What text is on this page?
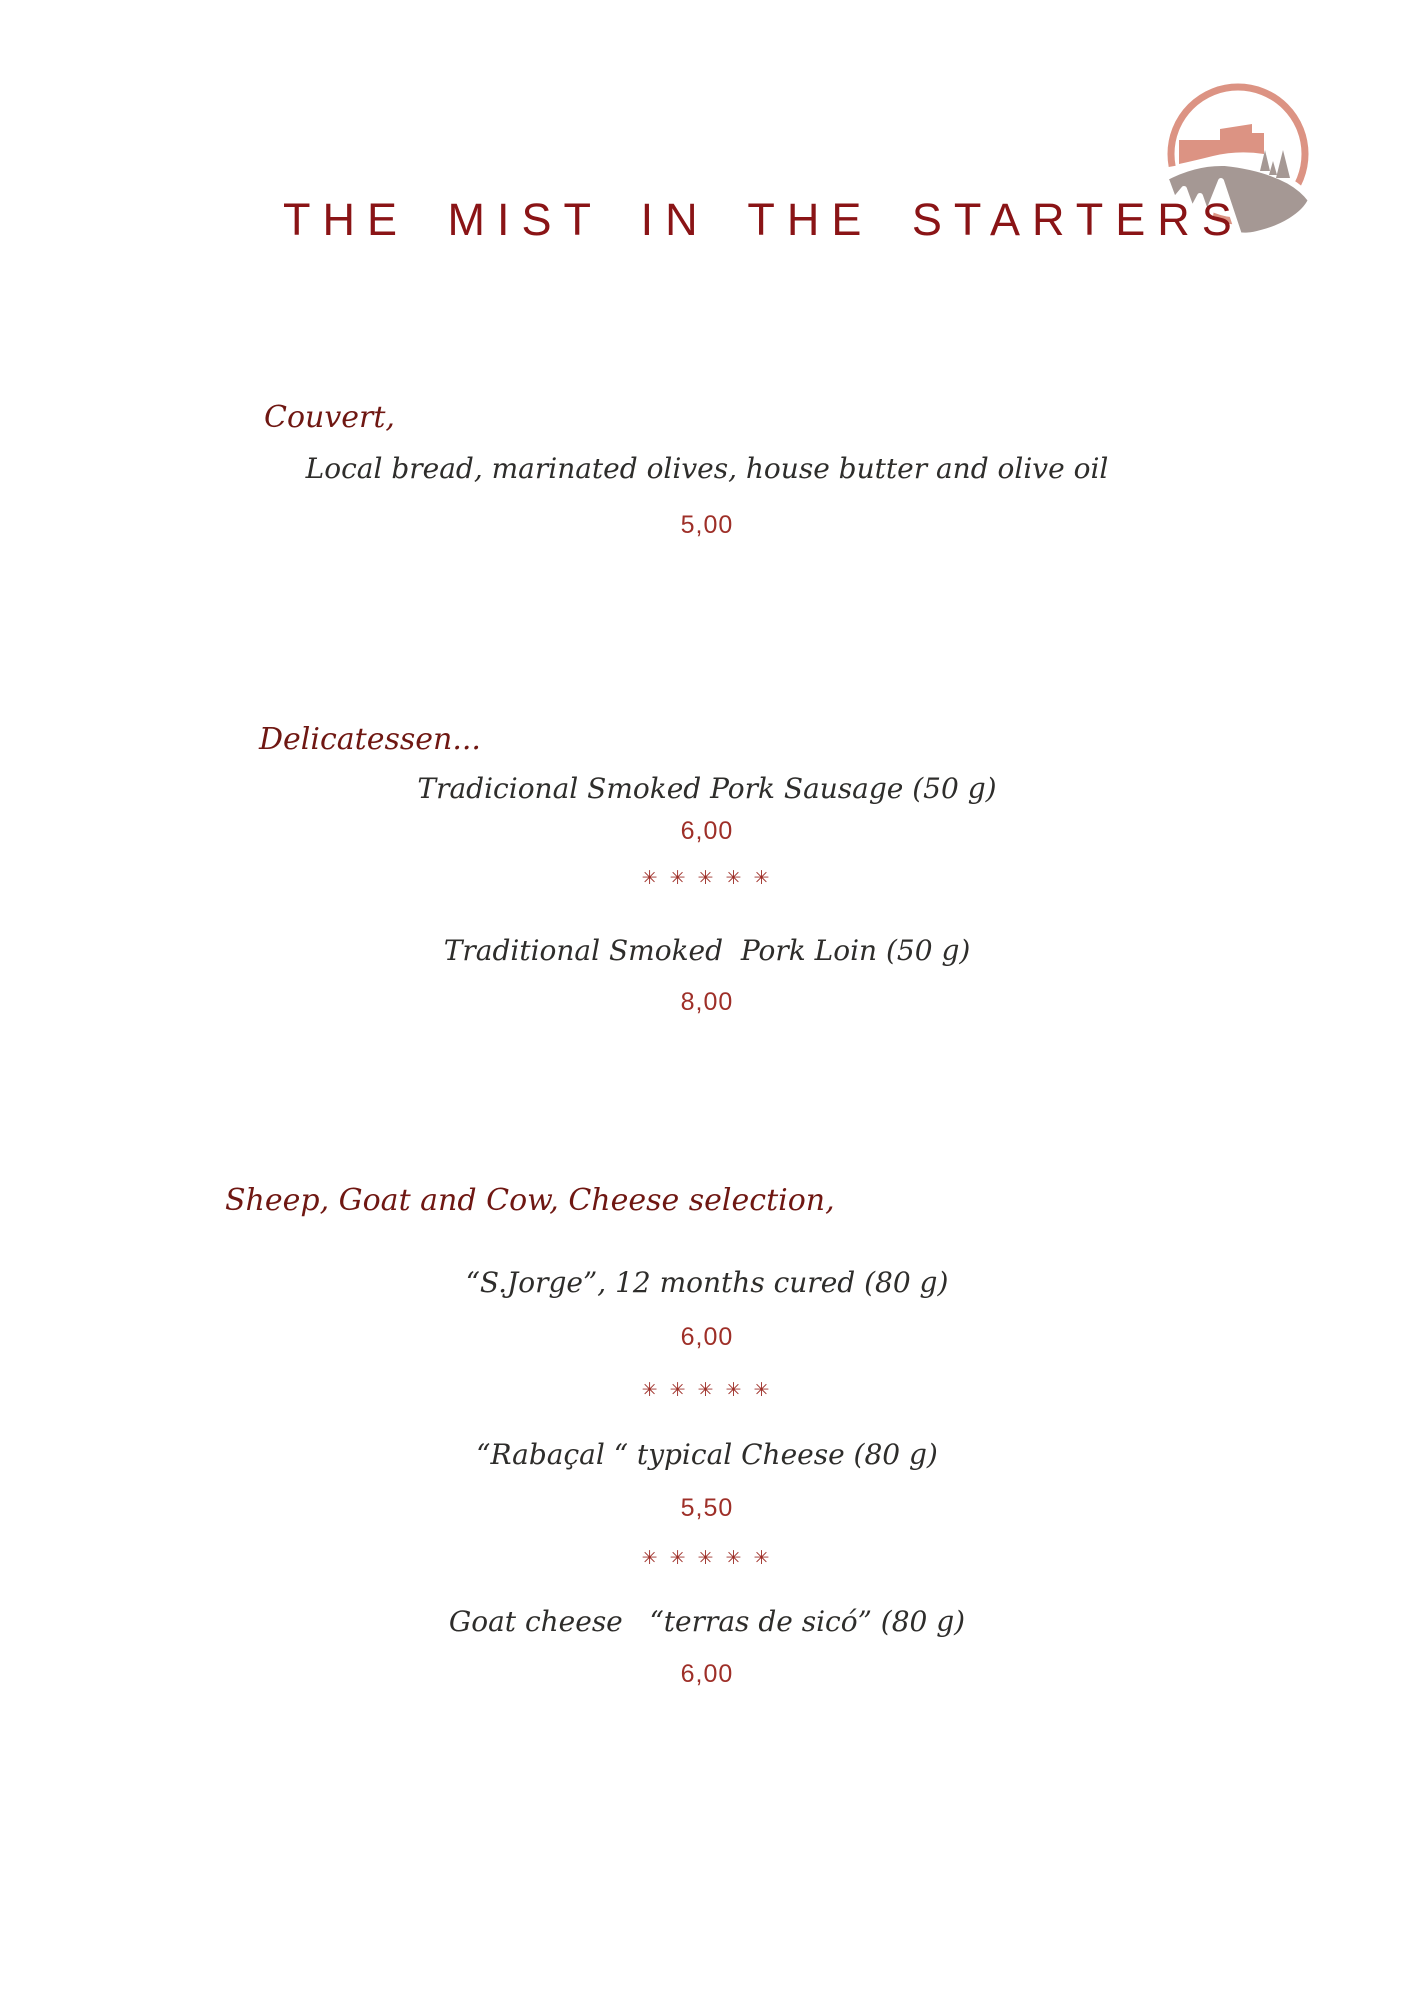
THE MIST IN THE STARTERS
Couvert,
Local bread, marinated olives, house butter and olive oil
5,00
Delicatessen...
Tradicional Smoked Pork Sausage (50 g)
6,00
✳ ✳ ✳ ✳ ✳
Traditional Smoked  Pork Loin (50 g)
8,00
Sheep, Goat and Cow, Cheese selection,
“S.Jorge”, 12 months cured (80 g)
6,00
✳ ✳ ✳ ✳ ✳
“Rabaçal “ typical Cheese (80 g)
5,50
✳ ✳ ✳ ✳ ✳
Goat cheese   “terras de sicó” (80 g)
6,00
